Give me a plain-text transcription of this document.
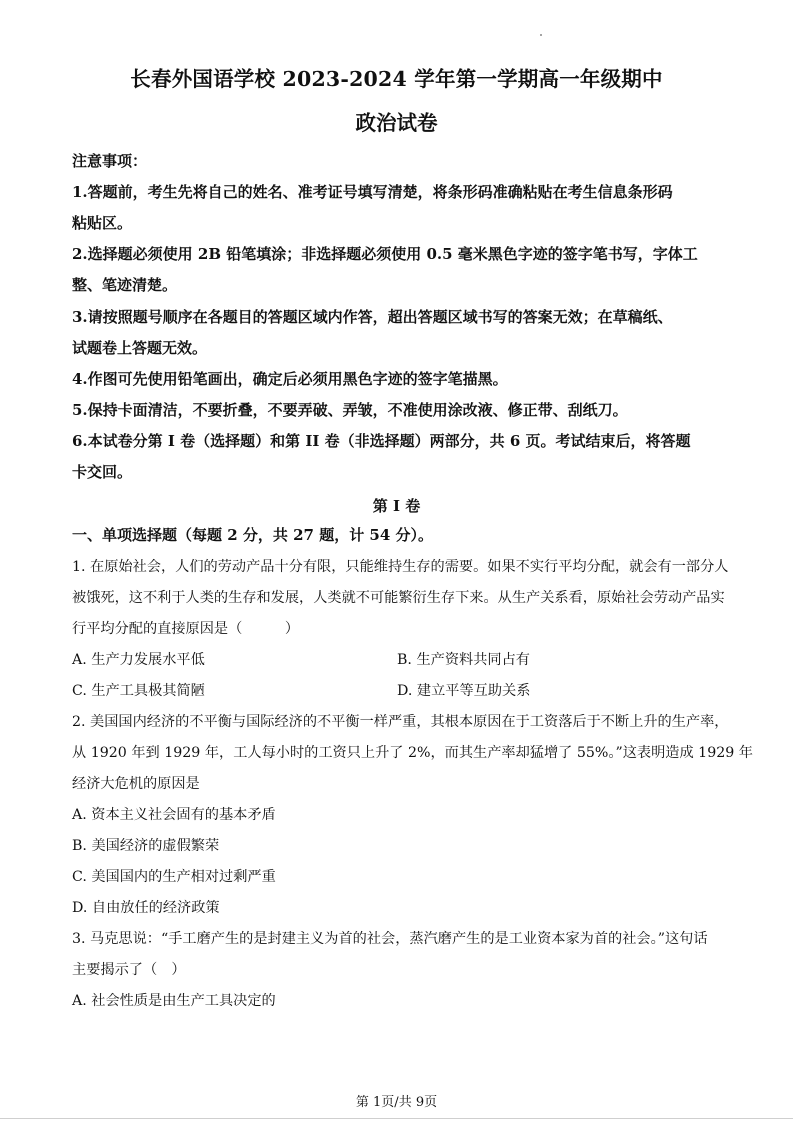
长春外国语学校 2023-2024 学年第一学期高一年级期中
政治试卷
注意事项：
1.答题前，考生先将自己的姓名、准考证号填写清楚，将条形码准确粘贴在考生信息条形码
粘贴区。
2.选择题必须使用 2B 铅笔填涂；非选择题必须使用 0.5 毫米黑色字迹的签字笔书写，字体工
整、笔迹清楚。
3.请按照题号顺序在各题目的答题区域内作答，超出答题区域书写的答案无效；在草稿纸、
试题卷上答题无效。
4.作图可先使用铅笔画出，确定后必须用黑色字迹的签字笔描黑。
5.保持卡面清洁，不要折叠，不要弄破、弄皱，不准使用涂改液、修正带、刮纸刀。
6.本试卷分第 I 卷（选择题）和第 II 卷（非选择题）两部分，共 6 页。考试结束后，将答题
卡交回。
第 I 卷
一、单项选择题（每题 2 分，共 27 题，计 54 分）。
1. 在原始社会，人们的劳动产品十分有限，只能维持生存的需要。如果不实行平均分配，就会有一部分人
被饿死，这不利于人类的生存和发展，人类就不可能繁衍生存下来。从生产关系看，原始社会劳动产品实
行平均分配的直接原因是（　　　）
A. 生产力发展水平低	B. 生产资料共同占有
C. 生产工具极其简陋	D. 建立平等互助关系
2. 美国国内经济的不平衡与国际经济的不平衡一样严重，其根本原因在于工资落后于不断上升的生产率，
从 1920 年到 1929 年，工人每小时的工资只上升了 2%，而其生产率却猛增了 55%。”这表明造成 1929 年
经济大危机的原因是
A. 资本主义社会固有的基本矛盾
B. 美国经济的虚假繁荣
C. 美国国内的生产相对过剩严重
D. 自由放任的经济政策
3. 马克思说：“手工磨产生的是封建主义为首的社会，蒸汽磨产生的是工业资本家为首的社会。”这句话
主要揭示了（　）
A. 社会性质是由生产工具决定的
第 1页/共 9页
